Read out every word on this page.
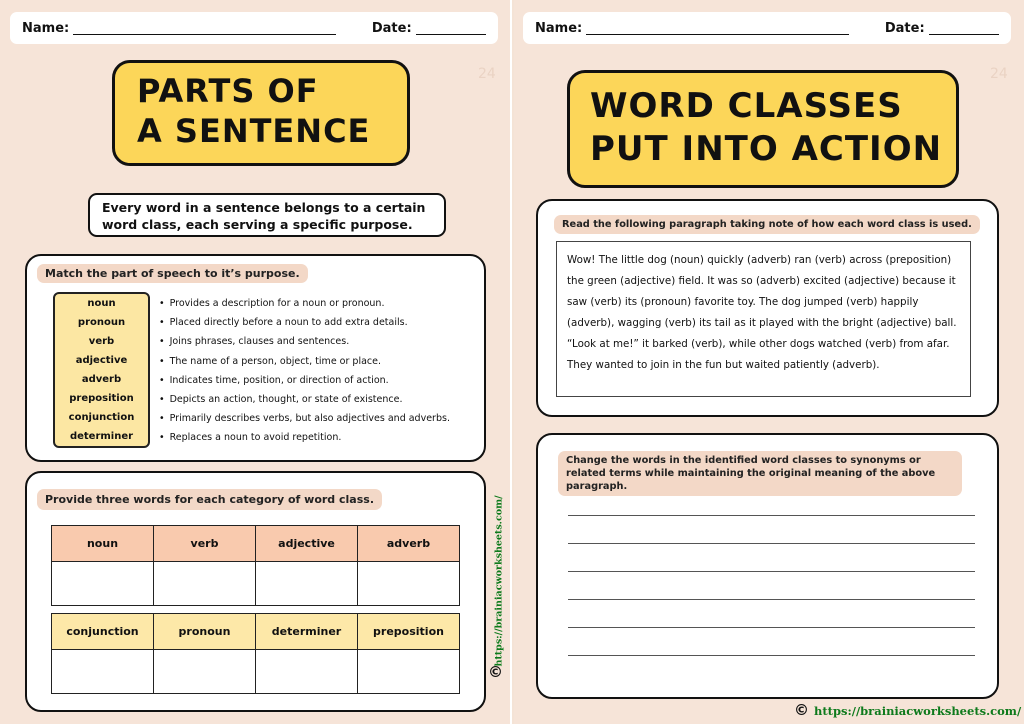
Name:	Date:
24
PARTS OF
A SENTENCE
Every word in a sentence belongs to a certain word class, each serving a specific purpose.
Match the part of speech to it’s purpose.
noun
pronoun
verb
adjective
adverb
preposition
conjunction
determiner
• Provides a description for a noun or pronoun.
• Placed directly before a noun to add extra details.
• Joins phrases, clauses and sentences.
• The name of a person, object, time or place.
• Indicates time, position, or direction of action.
• Depicts an action, thought, or state of existence.
• Primarily describes verbs, but also adjectives and adverbs.
• Replaces a noun to avoid repetition.
Provide three words for each category of word class.
noun	verb	adjective	adverb

conjunction	pronoun	determiner	preposition
				https://brainiacworksheets.com/
©
Name:	Date:
24
WORD CLASSES
PUT INTO ACTION
Read the following paragraph taking note of how each word class is used.
Wow! The little dog (noun) quickly (adverb) ran (verb) across (preposition)
the green (adjective) field. It was so (adverb) excited (adjective) because it
saw (verb) its (pronoun) favorite toy. The dog jumped (verb) happily
(adverb), wagging (verb) its tail as it played with the bright (adjective) ball.
“Look at me!” it barked (verb), while other dogs watched (verb) from afar.
They wanted to join in the fun but waited patiently (adverb).
Change the words in the identified word classes to synonyms or related terms while maintaining the original meaning of the above paragraph.
© https://brainiacworksheets.com/
